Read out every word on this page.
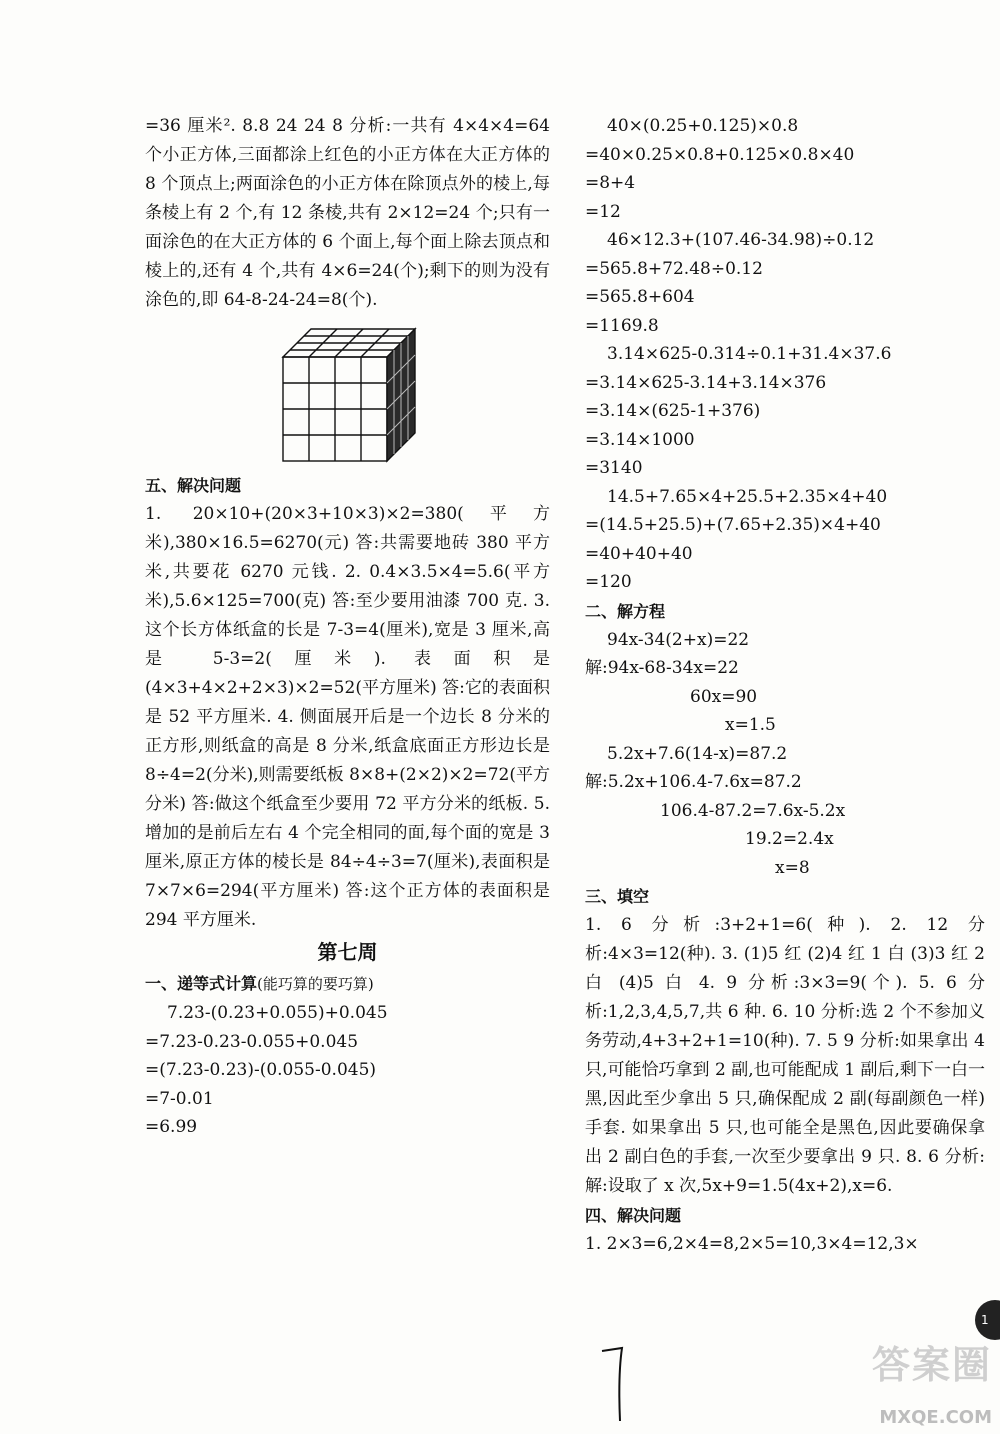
=36 厘米². 8.8 24 24 8 分析:一共有 4×4×4=64 个小正方体,三面都涂上红色的小正方体在大正方体的 8 个顶点上;两面涂色的小正方体在除顶点外的棱上,每条棱上有 2 个,有 12 条棱,共有 2×12=24 个;只有一面涂色的在大正方体的 6 个面上,每个面上除去顶点和棱上的,还有 4 个,共有 4×6=24(个);剩下的则为没有涂色的,即 64-8-24-24=8(个).

五、解决问题

1. 20×10+(20×3+10×3)×2=380(平方米),380×16.5=6270(元) 答:共需要地砖 380 平方米,共要花 6270 元钱. 2. 0.4×3.5×4=5.6(平方米),5.6×125=700(克) 答:至少要用油漆 700 克. 3. 这个长方体纸盒的长是 7-3=4(厘米),宽是 3 厘米,高是 5-3=2(厘米). 表面积是(4×3+4×2+2×3)×2=52(平方厘米) 答:它的表面积是 52 平方厘米. 4. 侧面展开后是一个边长 8 分米的正方形,则纸盒的高是 8 分米,纸盒底面正方形边长是 8÷4=2(分米),则需要纸板 8×8+(2×2)×2=72(平方分米) 答:做这个纸盒至少要用 72 平方分米的纸板. 5. 增加的是前后左右 4 个完全相同的面,每个面的宽是 3 厘米,原正方体的棱长是 84÷4÷3=7(厘米),表面积是 7×7×6=294(平方厘米) 答:这个正方体的表面积是 294 平方厘米.

第七周

一、递等式计算(能巧算的要巧算)

7.23-(0.23+0.055)+0.045

=7.23-0.23-0.055+0.045

=(7.23-0.23)-(0.055-0.045)

=7-0.01

=6.99

40×(0.25+0.125)×0.8

=40×0.25×0.8+0.125×0.8×40

=8+4

=12

46×12.3+(107.46-34.98)÷0.12

=565.8+72.48÷0.12

=565.8+604

=1169.8

3.14×625-0.314÷0.1+31.4×37.6

=3.14×625-3.14+3.14×376

=3.14×(625-1+376)

=3.14×1000

=3140

14.5+7.65×4+25.5+2.35×4+40

=(14.5+25.5)+(7.65+2.35)×4+40

=40+40+40

=120

二、解方程

94x-34(2+x)=22

解:94x-68-34x=22

60x=90

x=1.5

5.2x+7.6(14-x)=87.2

解:5.2x+106.4-7.6x=87.2

106.4-87.2=7.6x-5.2x

19.2=2.4x

x=8

三、填空

1. 6 分析:3+2+1=6(种). 2. 12 分析:4×3=12(种). 3. (1)5 红 (2)4 红 1 白 (3)3 红 2 白 (4)5 白 4. 9 分析:3×3=9(个). 5. 6 分析:1,2,3,4,5,7,共 6 种. 6. 10 分析:选 2 个不参加义务劳动,4+3+2+1=10(种). 7. 5 9 分析:如果拿出 4 只,可能恰巧拿到 2 副,也可能配成 1 副后,剩下一白一黑,因此至少拿出 5 只,确保配成 2 副(每副颜色一样)手套. 如果拿出 5 只,也可能全是黑色,因此要确保拿出 2 副白色的手套,一次至少要拿出 9 只. 8. 6 分析:解:设取了 x 次,5x+9=1.5(4x+2),x=6.

四、解决问题

1. 2×3=6,2×4=8,2×5=10,3×4=12,3×

1
答案圈
MXQE.COM
